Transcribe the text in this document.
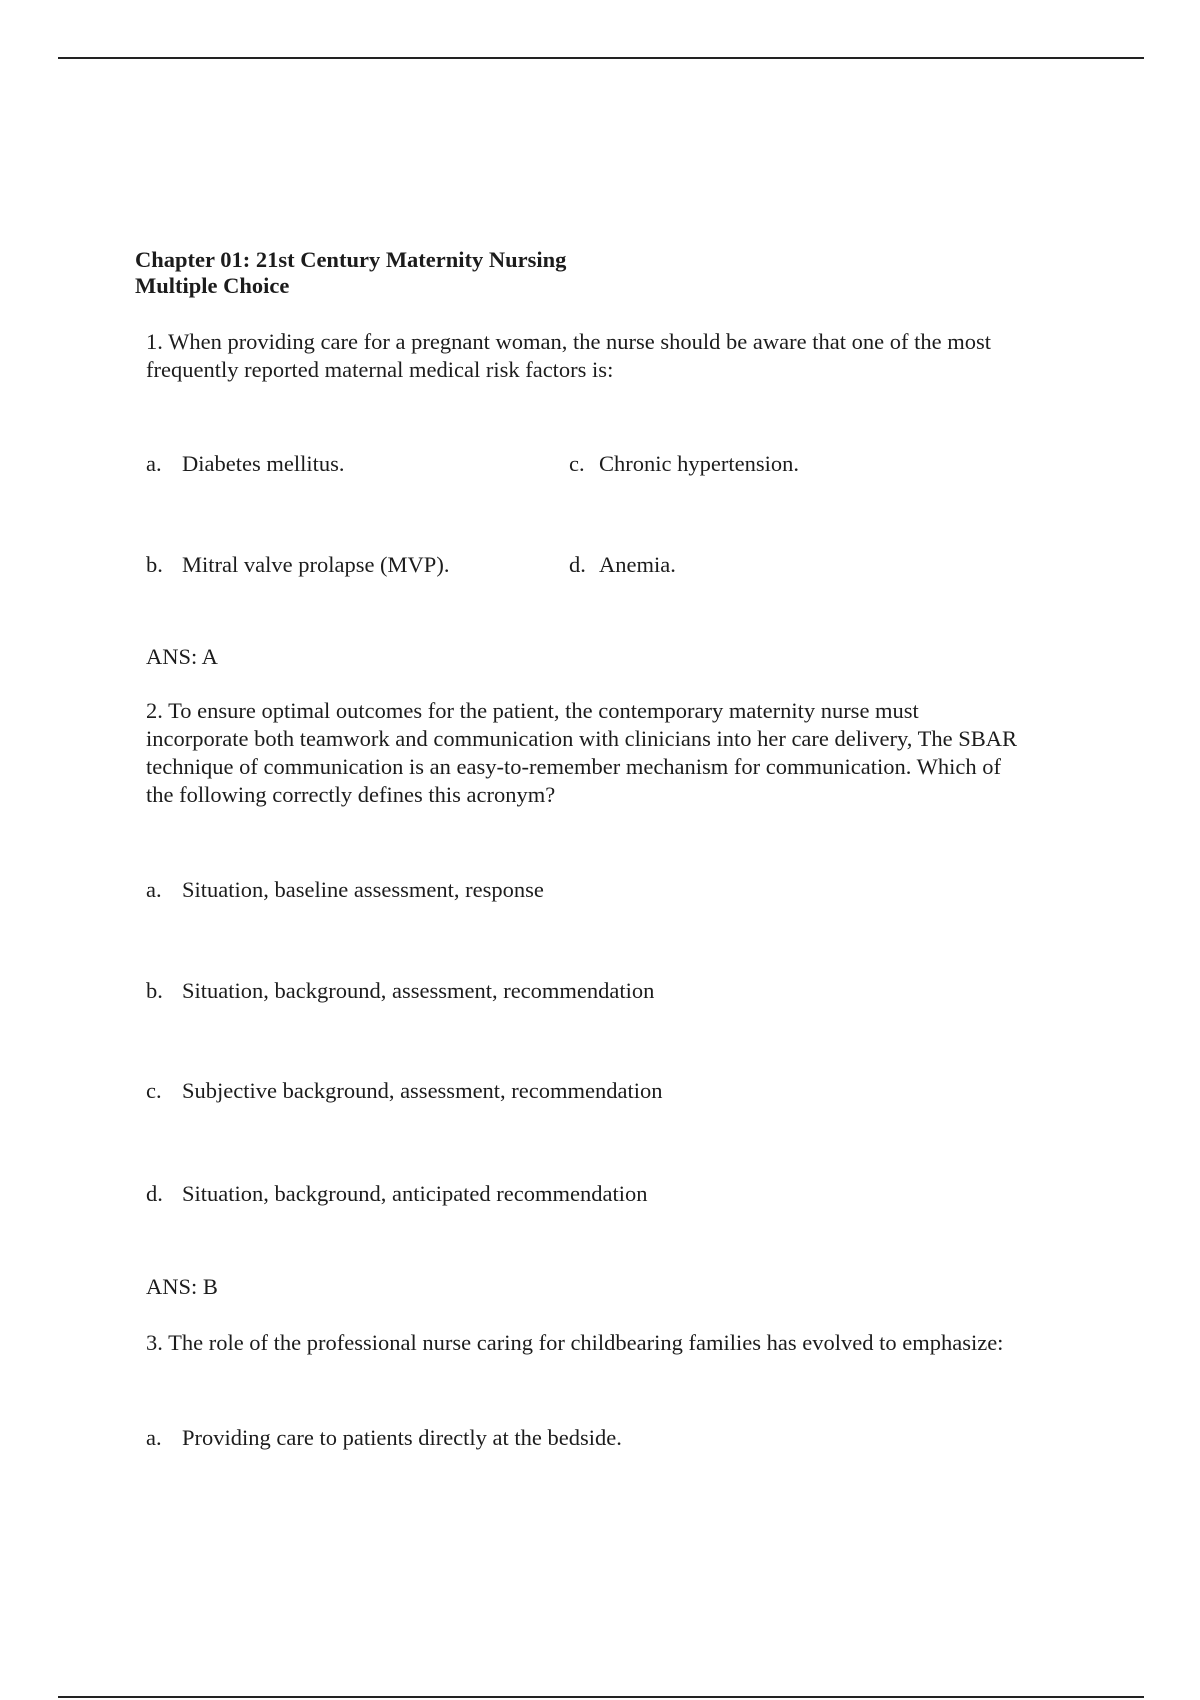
Chapter 01: 21st Century Maternity Nursing
Multiple Choice
1. When providing care for a pregnant woman, the nurse should be aware that one of the most
frequently reported maternal medical risk factors is:
a. Diabetes mellitus.	c. Chronic hypertension.
b. Mitral valve prolapse (MVP).	d. Anemia.
ANS: A
2. To ensure optimal outcomes for the patient, the contemporary maternity nurse must
incorporate both teamwork and communication with clinicians into her care delivery, The SBAR
technique of communication is an easy-to-remember mechanism for communication. Which of
the following correctly defines this acronym?
a. Situation, baseline assessment, response
b. Situation, background, assessment, recommendation
c. Subjective background, assessment, recommendation
d. Situation, background, anticipated recommendation
ANS: B
3. The role of the professional nurse caring for childbearing families has evolved to emphasize:
a. Providing care to patients directly at the bedside.
